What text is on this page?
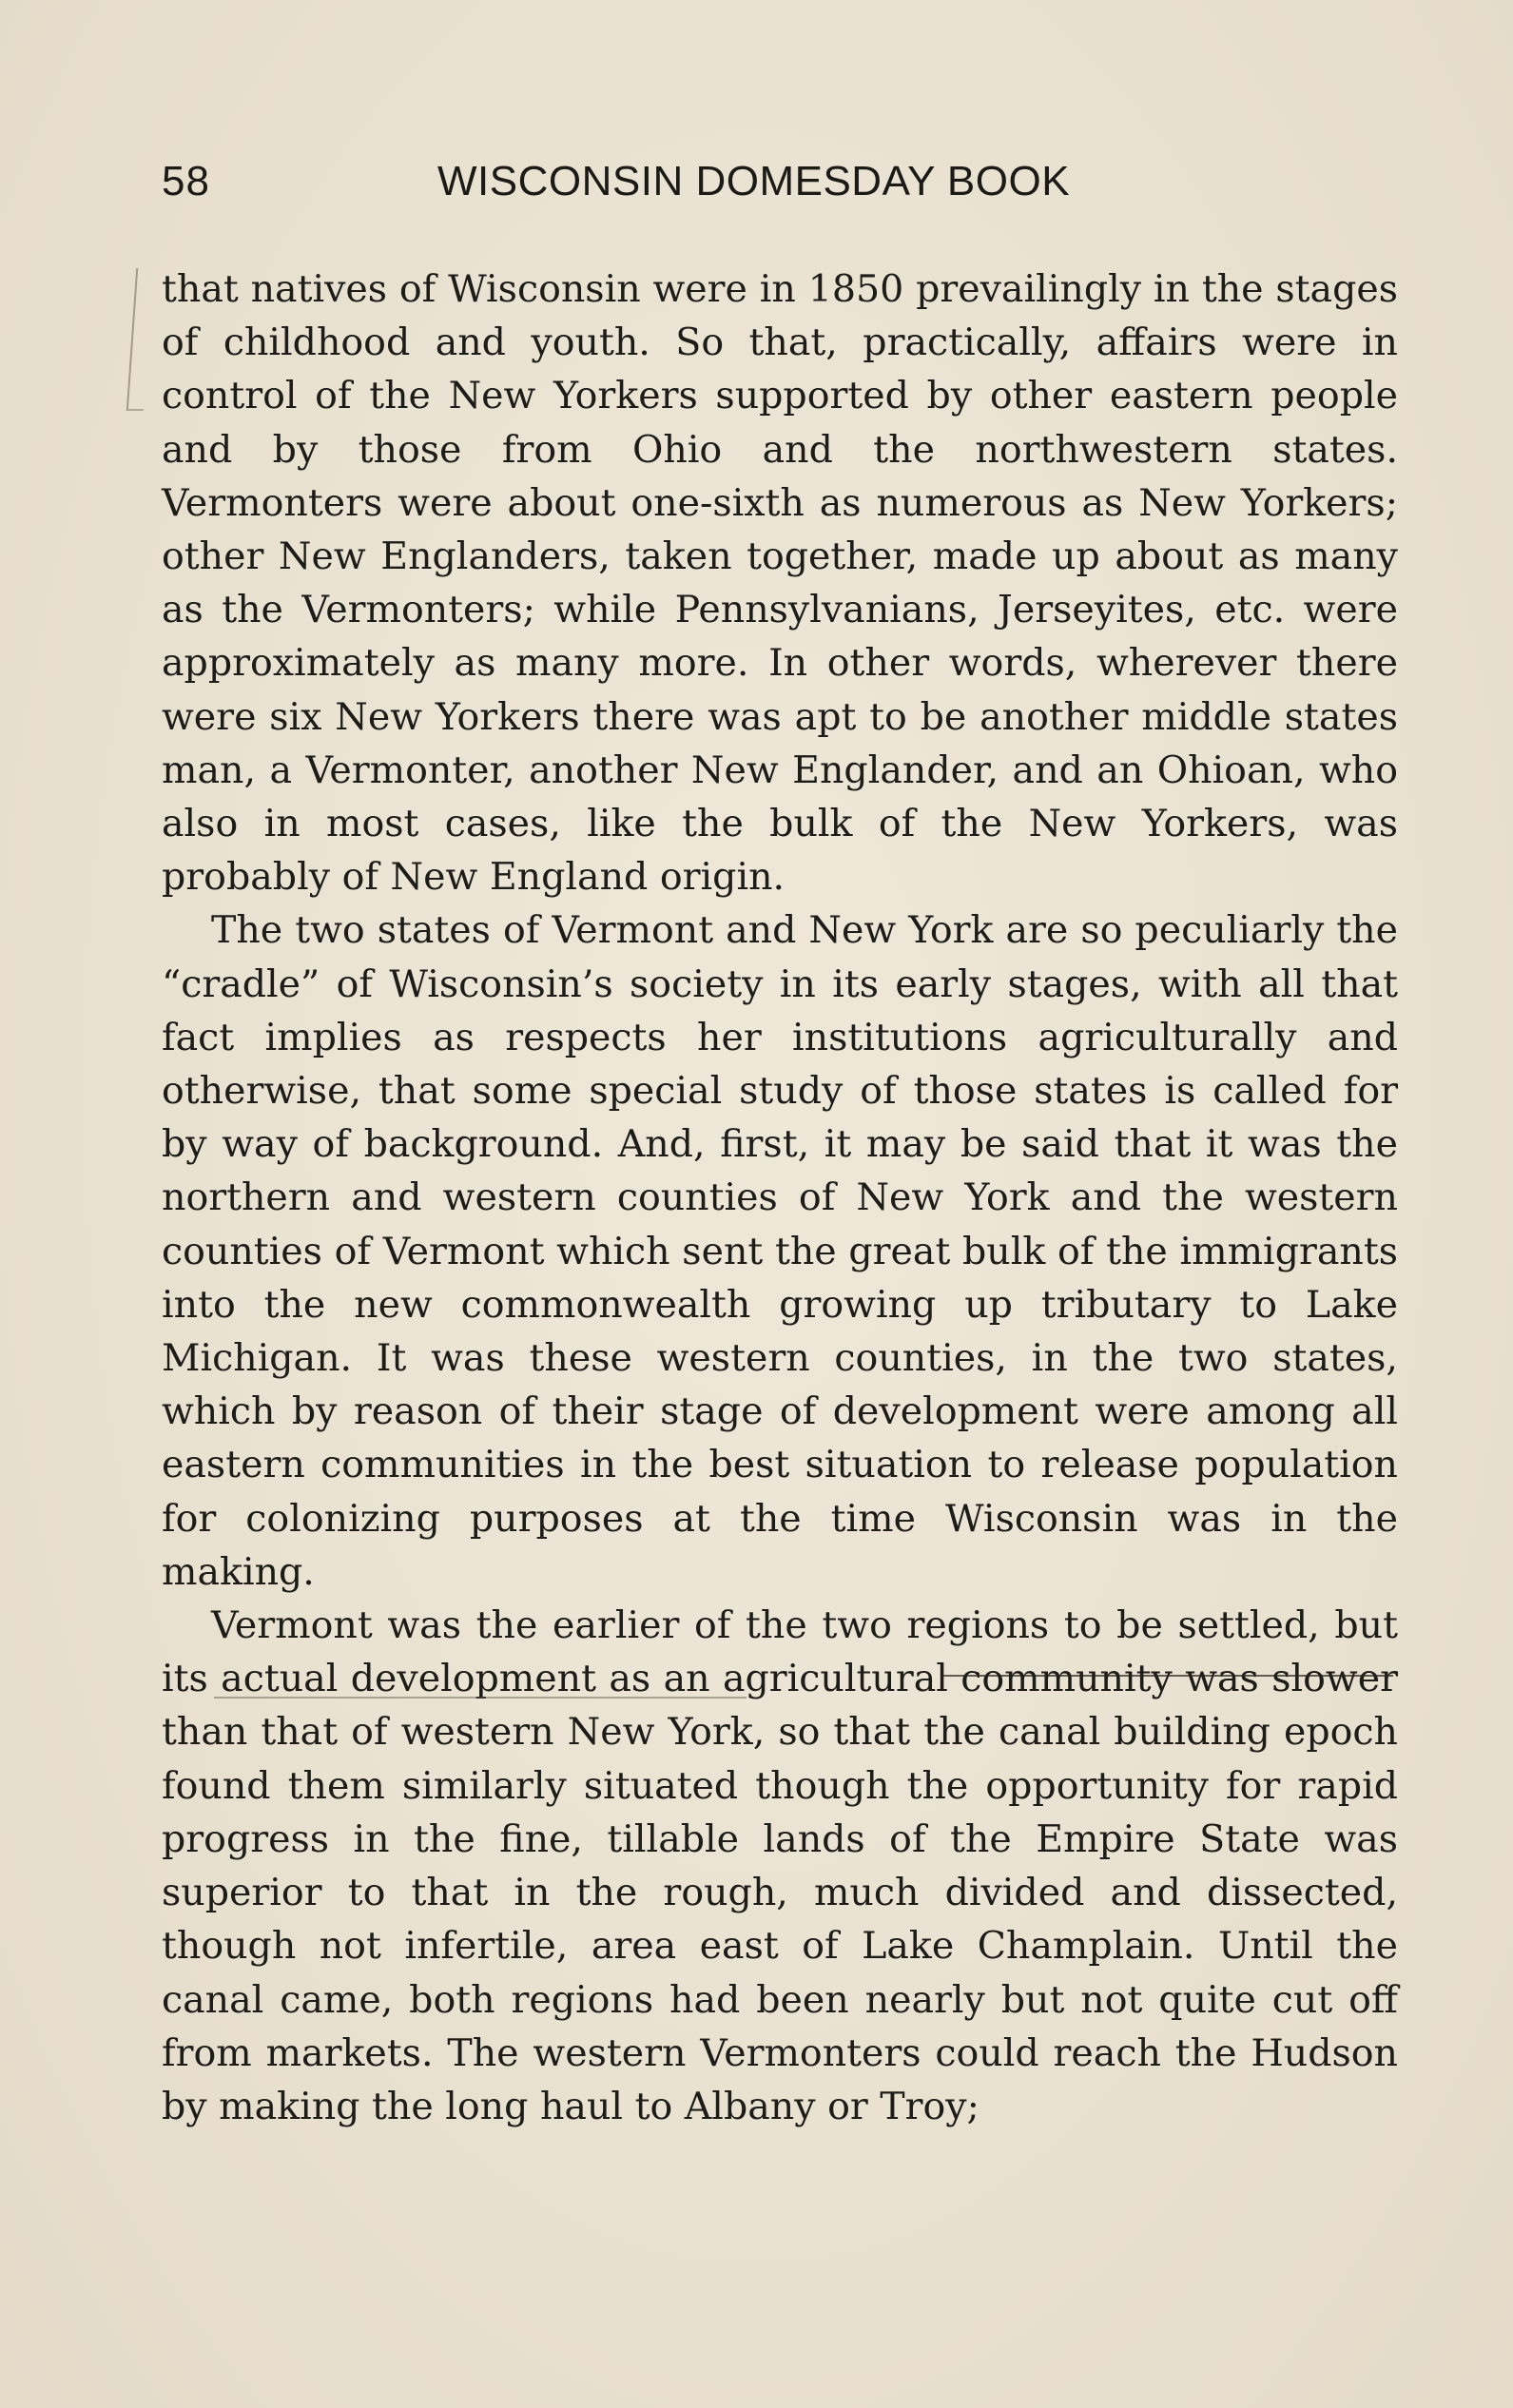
58	WISCONSIN DOMESDAY BOOK

that natives of Wisconsin were in 1850 prevailingly in the stages of childhood and youth. So that, practically, affairs were in control of the New Yorkers supported by other eastern people and by those from Ohio and the northwestern states. Vermonters were about one-sixth as numerous as New Yorkers; other New Englanders, taken together, made up about as many as the Vermonters; while Pennsylvanians, Jerseyites, etc. were approximately as many more. In other words, wherever there were six New Yorkers there was apt to be another middle states man, a Vermonter, another New Englander, and an Ohioan, who also in most cases, like the bulk of the New Yorkers, was probably of New England origin.

The two states of Vermont and New York are so peculiarly the “cradle” of Wisconsin’s society in its early stages, with all that fact implies as respects her institutions agriculturally and otherwise, that some special study of those states is called for by way of background. And, first, it may be said that it was the northern and western counties of New York and the western counties of Vermont which sent the great bulk of the immigrants into the new commonwealth growing up tributary to Lake Michigan. It was these western counties, in the two states, which by reason of their stage of development were among all eastern communities in the best situation to release population for colonizing purposes at the time Wisconsin was in the making.

Vermont was the earlier of the two regions to be settled, but its actual development as an agricultural community was slower than that of western New York, so that the canal building epoch found them similarly situated though the opportunity for rapid progress in the fine, tillable lands of the Empire State was superior to that in the rough, much divided and dissected, though not infertile, area east of Lake Champlain. Until the canal came, both regions had been nearly but not quite cut off from markets. The western Vermonters could reach the Hudson by making the long haul to Albany or Troy;
